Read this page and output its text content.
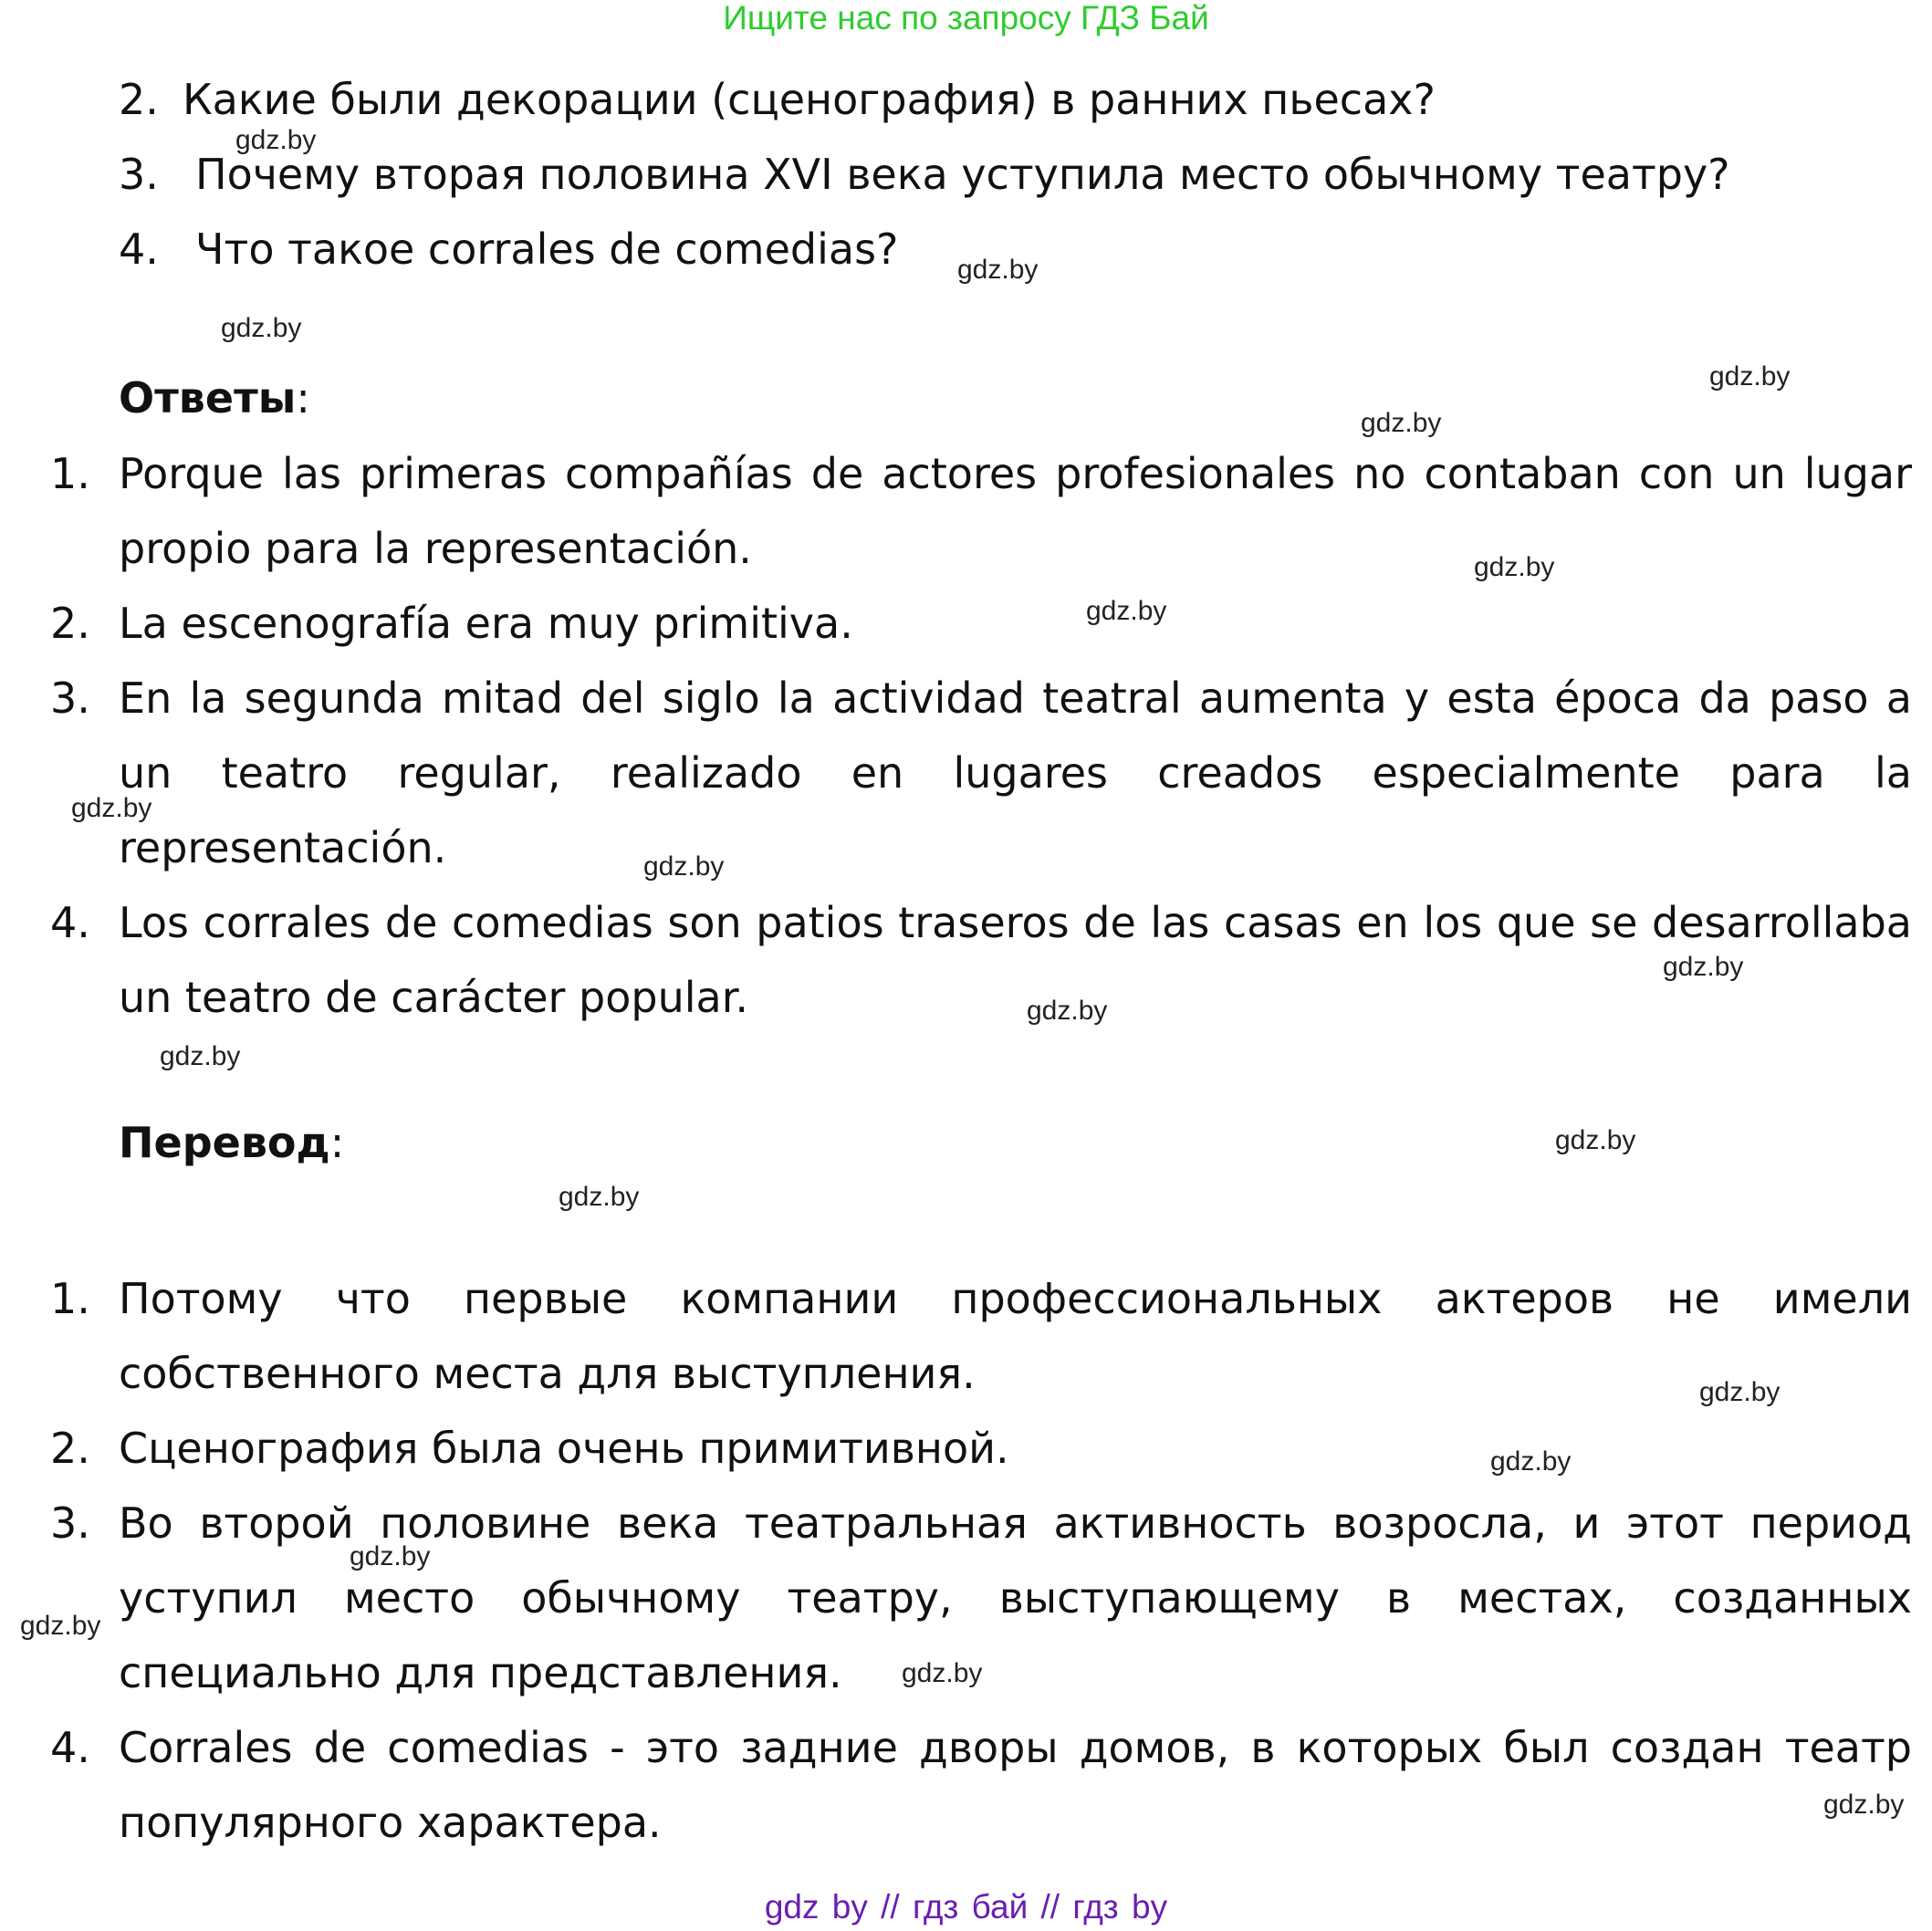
Ищите нас по запросу ГДЗ Бай
2. Какие были декорации (сценография) в ранних пьесах?
3. Почему вторая половина XVI века уступила место обычному театру?
4. Что такое corrales de comedias?
Ответы:
1. Porque las primeras compañías de actores profesionales no contaban con un lugar propio para la representación.
2. La escenografía era muy primitiva.
3. En la segunda mitad del siglo la actividad teatral aumenta y esta época da paso a un teatro regular, realizado en lugares creados especialmente para la representación.
4. Los corrales de comedias son patios traseros de las casas en los que se desarrollaba un teatro de carácter popular.
Перевод:
1. Потому что первые компании профессиональных актеров не имели собственного места для выступления.
2. Сценография была очень примитивной.
3. Во второй половине века театральная активность возросла, и этот период уступил место обычному театру, выступающему в местах, созданных специально для представления.
4. Corrales de comedias - это задние дворы домов, в которых был создан театр популярного характера.
gdz.by
gdz.by
gdz.by
gdz.by
gdz.by
gdz.by
gdz.by
gdz.by
gdz.by
gdz.by
gdz.by
gdz.by
gdz.by
gdz.by
gdz.by
gdz.by
gdz.by
gdz.by
gdz.by
gdz.by
gdz by // гдз бай // гдз by
